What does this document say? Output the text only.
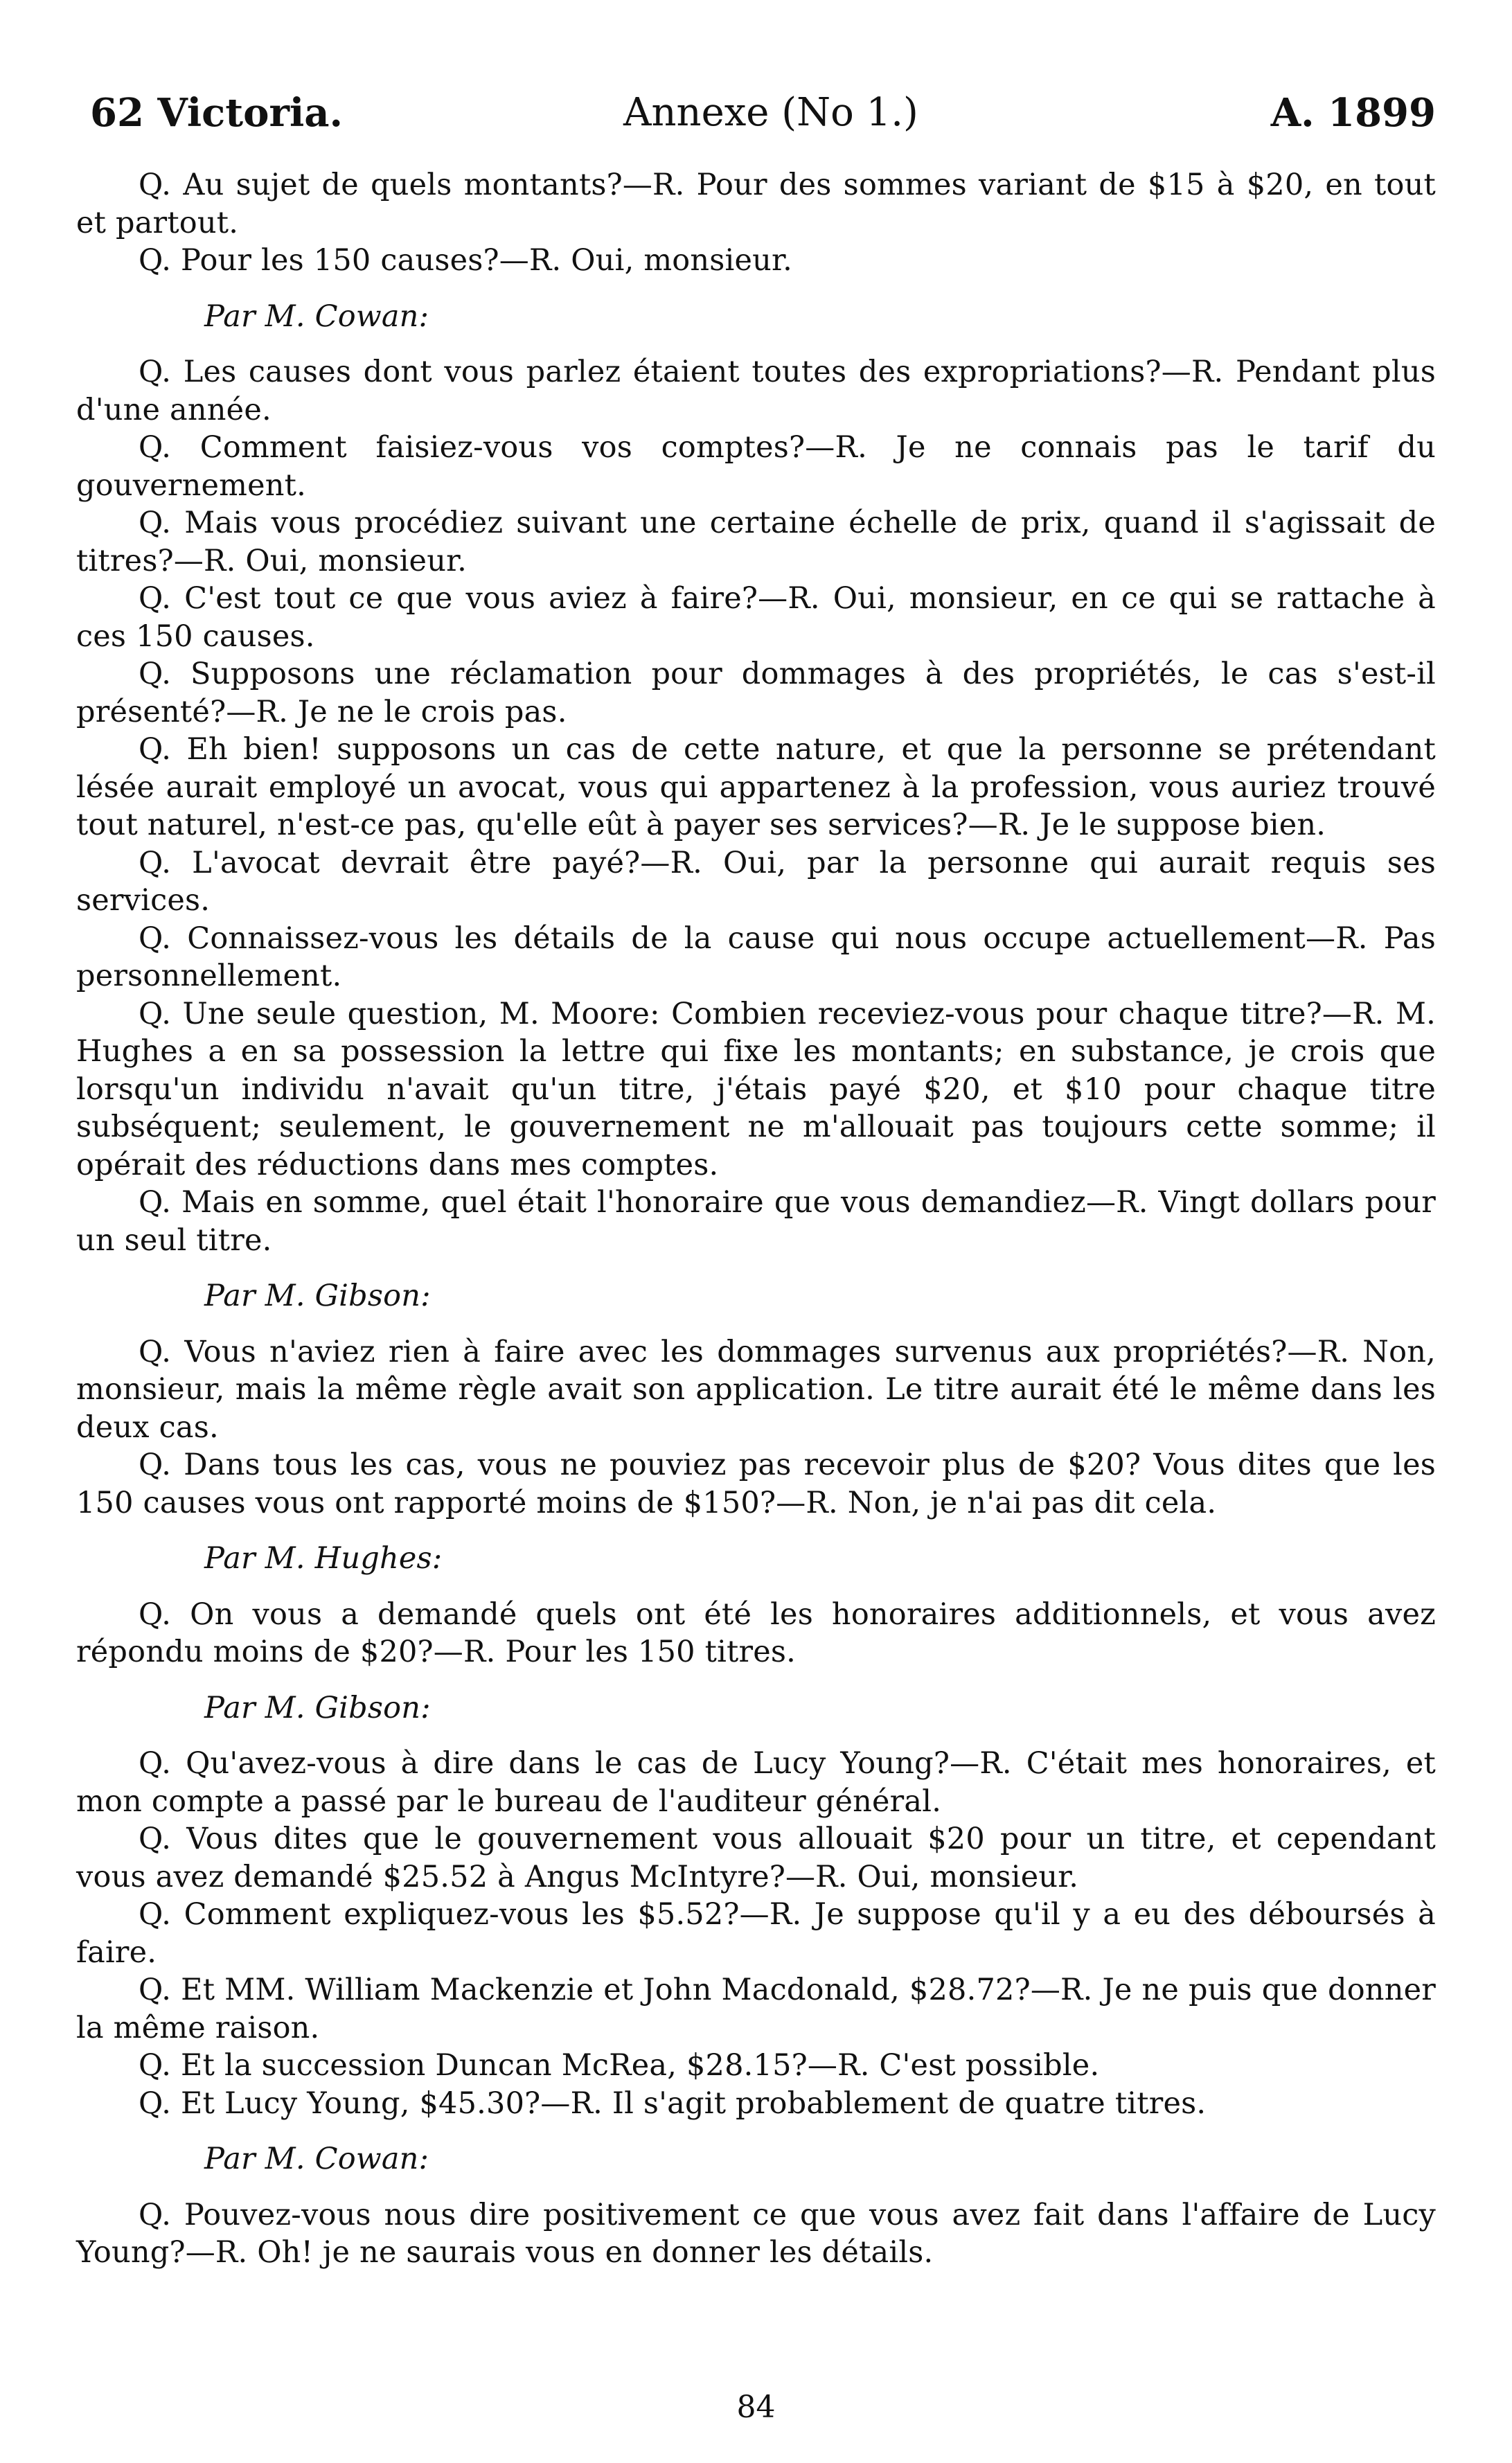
62 Victoria.	Annexe (No 1.)	A. 1899

Q. Au sujet de quels montants?—R. Pour des sommes variant de $15 à $20, en tout et partout.

Q. Pour les 150 causes?—R. Oui, monsieur.

Par M. Cowan:

Q. Les causes dont vous parlez étaient toutes des expropriations?—R. Pendant plus d'une année.

Q. Comment faisiez-vous vos comptes?—R. Je ne connais pas le tarif du gouvernement.

Q. Mais vous procédiez suivant une certaine échelle de prix, quand il s'agissait de titres?—R. Oui, monsieur.

Q. C'est tout ce que vous aviez à faire?—R. Oui, monsieur, en ce qui se rattache à ces 150 causes.

Q. Supposons une réclamation pour dommages à des propriétés, le cas s'est-il présenté?—R. Je ne le crois pas.

Q. Eh bien! supposons un cas de cette nature, et que la personne se prétendant lésée aurait employé un avocat, vous qui appartenez à la profession, vous auriez trouvé tout naturel, n'est-ce pas, qu'elle eût à payer ses services?—R. Je le suppose bien.

Q. L'avocat devrait être payé?—R. Oui, par la personne qui aurait requis ses services.

Q. Connaissez-vous les détails de la cause qui nous occupe actuellement—R. Pas personnellement.

Q. Une seule question, M. Moore: Combien receviez-vous pour chaque titre?—R. M. Hughes a en sa possession la lettre qui fixe les montants; en substance, je crois que lorsqu'un individu n'avait qu'un titre, j'étais payé $20, et $10 pour chaque titre subséquent; seulement, le gouvernement ne m'allouait pas toujours cette somme; il opérait des réductions dans mes comptes.

Q. Mais en somme, quel était l'honoraire que vous demandiez—R. Vingt dollars pour un seul titre.

Par M. Gibson:

Q. Vous n'aviez rien à faire avec les dommages survenus aux propriétés?—R. Non, monsieur, mais la même règle avait son application. Le titre aurait été le même dans les deux cas.

Q. Dans tous les cas, vous ne pouviez pas recevoir plus de $20? Vous dites que les 150 causes vous ont rapporté moins de $150?—R. Non, je n'ai pas dit cela.

Par M. Hughes:

Q. On vous a demandé quels ont été les honoraires additionnels, et vous avez répondu moins de $20?—R. Pour les 150 titres.

Par M. Gibson:

Q. Qu'avez-vous à dire dans le cas de Lucy Young?—R. C'était mes honoraires, et mon compte a passé par le bureau de l'auditeur général.

Q. Vous dites que le gouvernement vous allouait $20 pour un titre, et cependant vous avez demandé $25.52 à Angus McIntyre?—R. Oui, monsieur.

Q. Comment expliquez-vous les $5.52?—R. Je suppose qu'il y a eu des déboursés à faire.

Q. Et MM. William Mackenzie et John Macdonald, $28.72?—R. Je ne puis que donner la même raison.

Q. Et la succession Duncan McRea, $28.15?—R. C'est possible.

Q. Et Lucy Young, $45.30?—R. Il s'agit probablement de quatre titres.

Par M. Cowan:

Q. Pouvez-vous nous dire positivement ce que vous avez fait dans l'affaire de Lucy Young?—R. Oh! je ne saurais vous en donner les détails.

84
